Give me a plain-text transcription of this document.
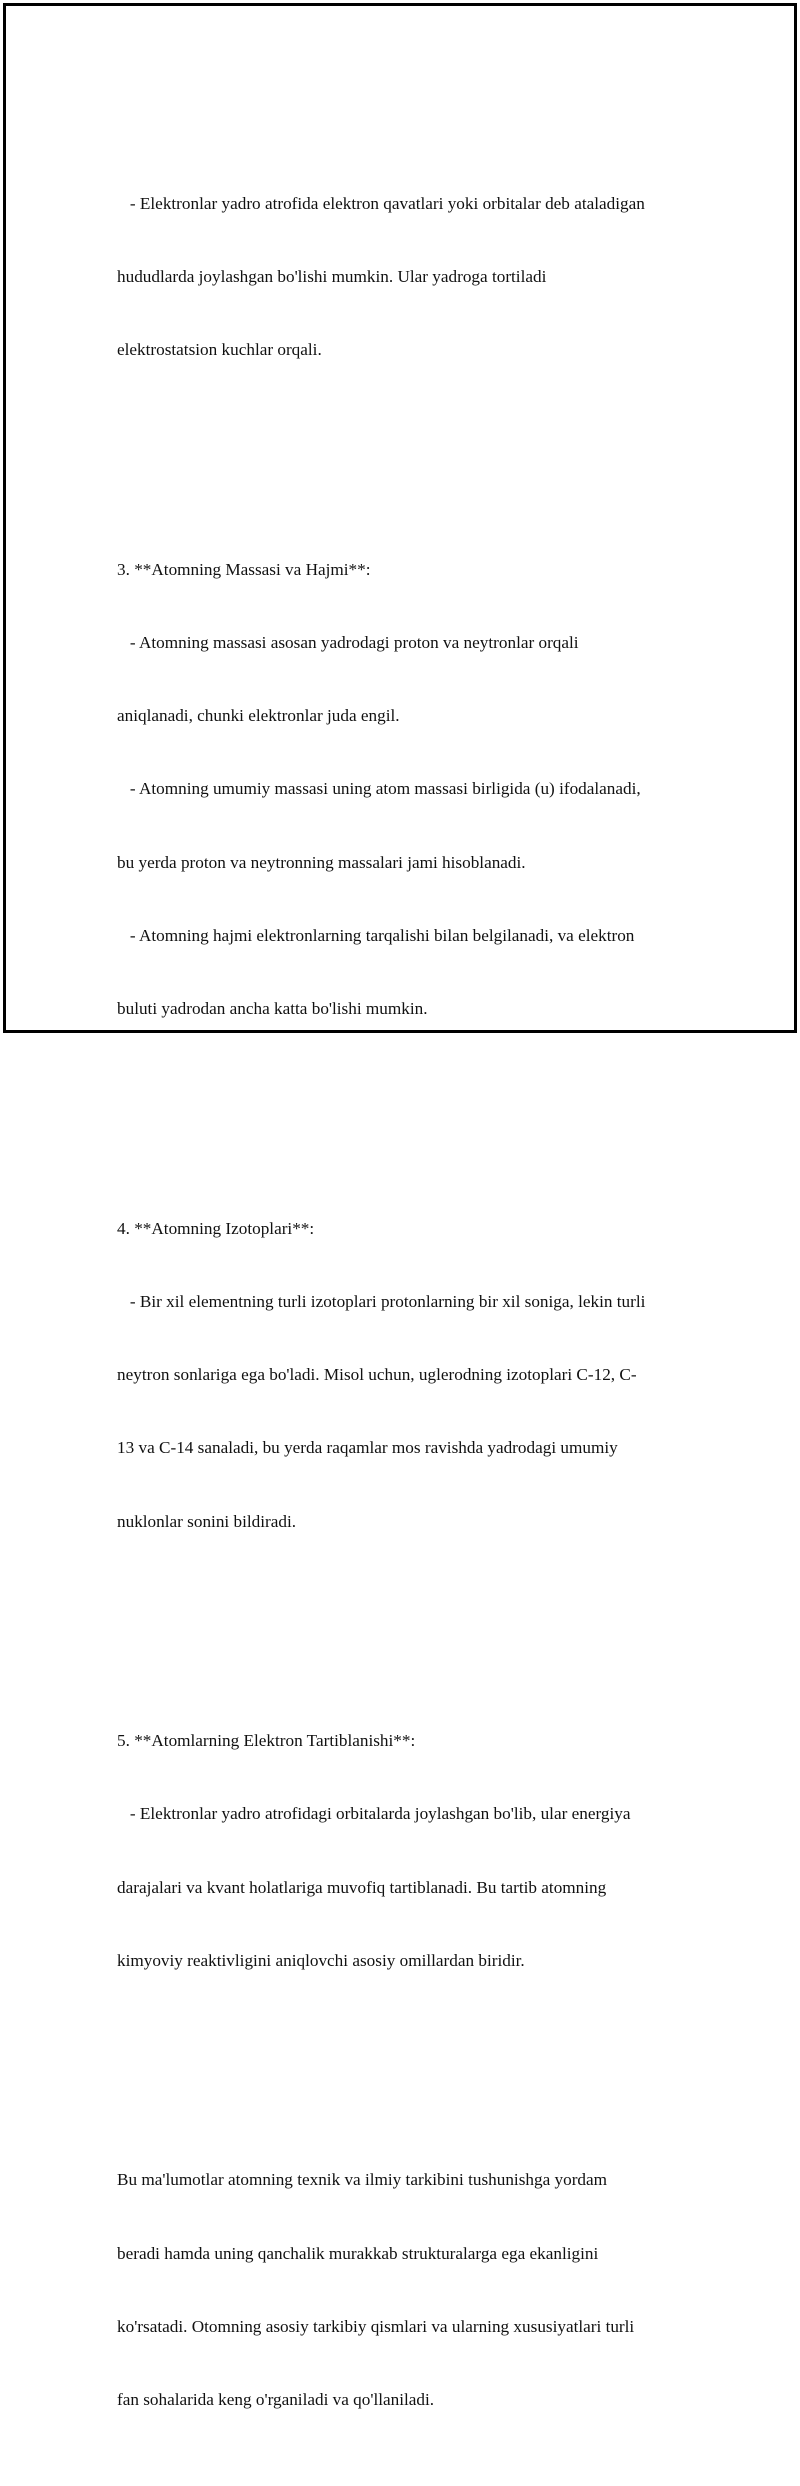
- Elektronlar yadro atrofida elektron qavatlari yoki orbitalar deb ataladigan

hududlarda joylashgan bo'lishi mumkin. Ular yadroga tortiladi

elektrostatsion kuchlar orqali.

3. **Atomning Massasi va Hajmi**:

- Atomning massasi asosan yadrodagi proton va neytronlar orqali

aniqlanadi, chunki elektronlar juda engil.

- Atomning umumiy massasi uning atom massasi birligida (u) ifodalanadi,

bu yerda proton va neytronning massalari jami hisoblanadi.

- Atomning hajmi elektronlarning tarqalishi bilan belgilanadi, va elektron

buluti yadrodan ancha katta bo'lishi mumkin.

4. **Atomning Izotoplari**:

- Bir xil elementning turli izotoplari protonlarning bir xil soniga, lekin turli

neytron sonlariga ega bo'ladi. Misol uchun, uglerodning izotoplari C-12, C-

13 va C-14 sanaladi, bu yerda raqamlar mos ravishda yadrodagi umumiy

nuklonlar sonini bildiradi.

5. **Atomlarning Elektron Tartiblanishi**:

- Elektronlar yadro atrofidagi orbitalarda joylashgan bo'lib, ular energiya

darajalari va kvant holatlariga muvofiq tartiblanadi. Bu tartib atomning

kimyoviy reaktivligini aniqlovchi asosiy omillardan biridir.

Bu ma'lumotlar atomning texnik va ilmiy tarkibini tushunishga yordam

beradi hamda uning qanchalik murakkab strukturalarga ega ekanligini

ko'rsatadi. Otomning asosiy tarkibiy qismlari va ularning xususiyatlari turli

fan sohalarida keng o'rganiladi va qo'llaniladi.
